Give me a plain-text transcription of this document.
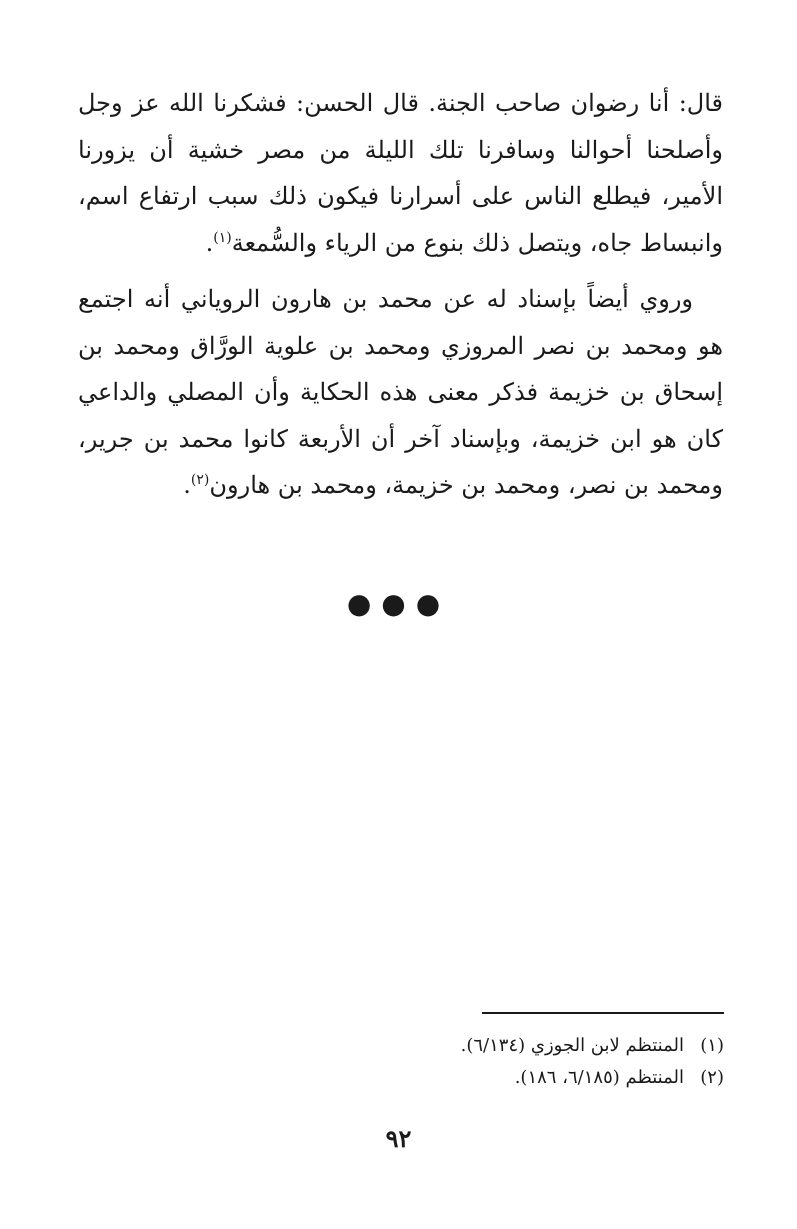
قال: أنا رضوان صاحب الجنة. قال الحسن: فشكرنا الله عز وجل وأصلحنا أحوالنا وسافرنا تلك الليلة من مصر خشية أن يزورنا الأمير، فيطلع الناس على أسرارنا فيكون ذلك سبب ارتفاع اسم، وانبساط جاه، ويتصل ذلك بنوع من الرياء والسُّمعة$^{(١)}$.

وروي أيضاً بإسناد له عن محمد بن هارون الروياني أنه اجتمع هو ومحمد بن نصر المروزي ومحمد بن علوية الورَّاق ومحمد بن إسحاق بن خزيمة فذكر معنى هذه الحكاية وأن المصلي والداعي كان هو ابن خزيمة، وبإسناد آخر أن الأربعة كانوا محمد بن جرير، ومحمد بن نصر، ومحمد بن خزيمة، ومحمد بن هارون$^{(٢)}$.

●●●
(١)
المنتظم لابن الجوزي (٦/١٣٤).
(٢)
المنتظم (٦/١٨٥، ١٨٦).
٩٢
